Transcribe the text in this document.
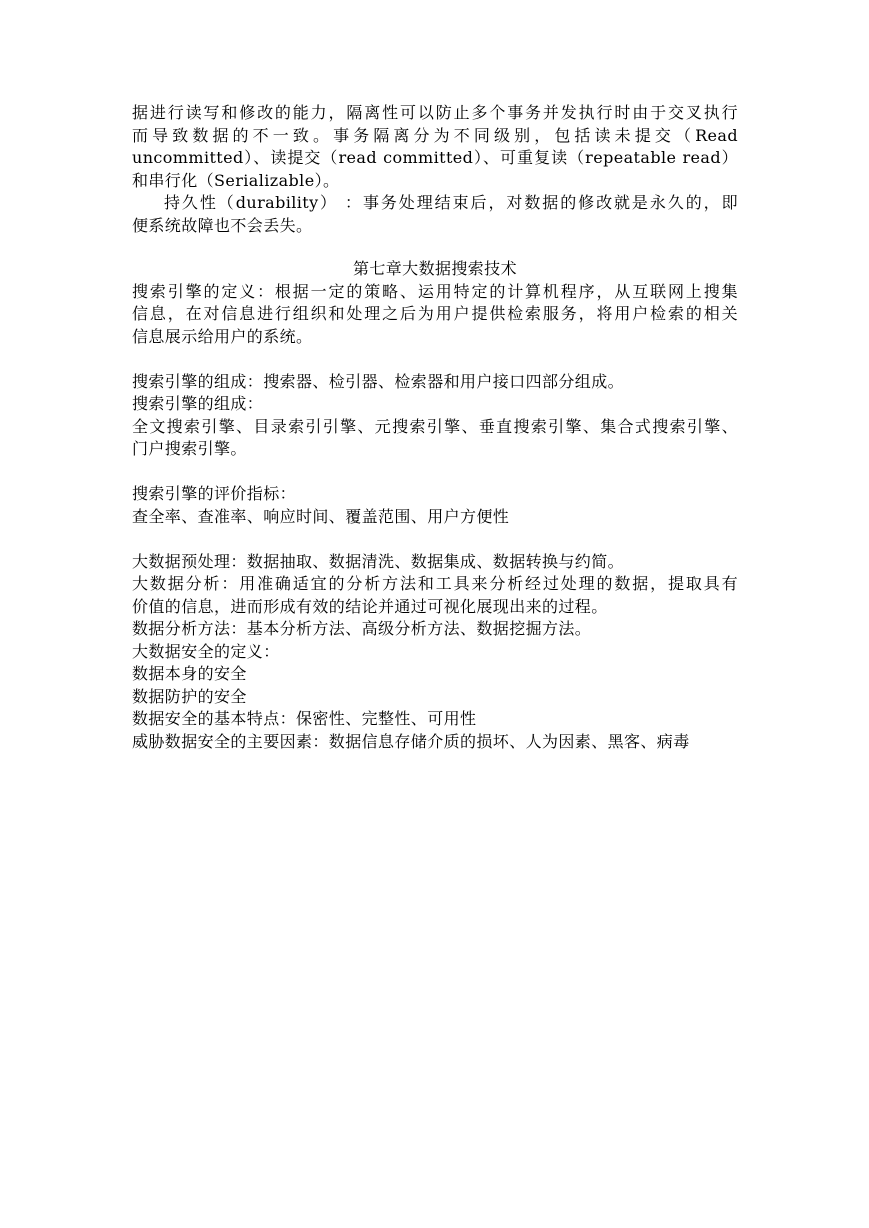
据进行读写和修改的能力，隔离性可以防止多个事务并发执行时由于交叉执行
而导致数据的不一致。事务隔离分为不同级别，包括读未提交（Read
uncommitted）、读提交（read committed）、可重复读（repeatable read）
和串行化（Serializable）。
持久性（durability） ：事务处理结束后，对数据的修改就是永久的，即
便系统故障也不会丢失。
第七章大数据搜索技术
搜索引擎的定义：根据一定的策略、运用特定的计算机程序，从互联网上搜集
信息，在对信息进行组织和处理之后为用户提供检索服务，将用户检索的相关
信息展示给用户的系统。
搜索引擎的组成：搜索器、检引器、检索器和用户接口四部分组成。
搜索引擎的组成：
全文搜索引擎、目录索引引擎、元搜索引擎、垂直搜索引擎、集合式搜索引擎、
门户搜索引擎。
搜索引擎的评价指标：
查全率、查准率、响应时间、覆盖范围、用户方便性
大数据预处理：数据抽取、数据清洗、数据集成、数据转换与约简。
大数据分析：用准确适宜的分析方法和工具来分析经过处理的数据，提取具有
价值的信息，进而形成有效的结论并通过可视化展现出来的过程。
数据分析方法：基本分析方法、高级分析方法、数据挖掘方法。
大数据安全的定义：
数据本身的安全
数据防护的安全
数据安全的基本特点：保密性、完整性、可用性
威胁数据安全的主要因素：数据信息存储介质的损坏、人为因素、黑客、病毒
